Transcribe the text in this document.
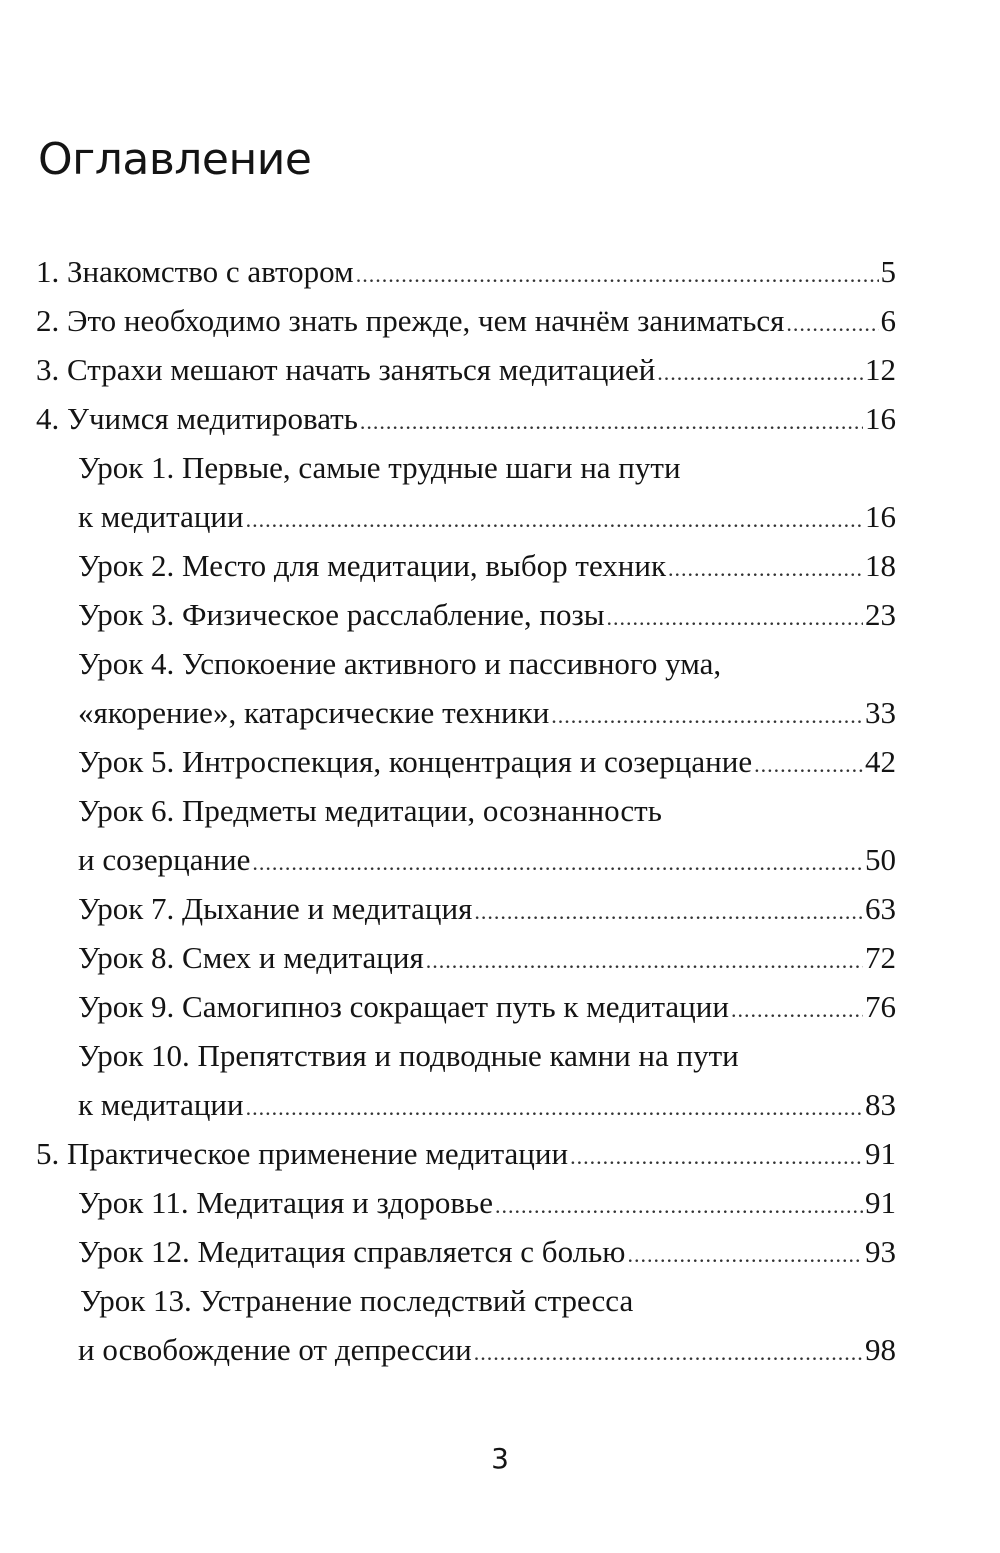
Оглавление
1. Знакомство с автором .....	5
2. Это необходимо знать прежде, чем начнём заниматься .....	6
3. Страхи мешают начать заняться медитацией .....	12
4. Учимся медитировать .....	16
Урок 1. Первые, самые трудные шаги на пути
к медитации .....	16
Урок 2. Место для медитации, выбор техник .....	18
Урок 3. Физическое расслабление, позы .....	23
Урок 4. Успокоение активного и пассивного ума,
«якорение», катарсические техники .....	33
Урок 5. Интроспекция, концентрация и созерцание .....	42
Урок 6. Предметы медитации, осознанность
и созерцание .....	50
Урок 7. Дыхание и медитация .....	63
Урок 8. Смех и медитация .....	72
Урок 9. Самогипноз сокращает путь к медитации .....	76
Урок 10. Препятствия и подводные камни на пути
к медитации .....	83
5. Практическое применение медитации .....	91
Урок 11. Медитация и здоровье .....	91
Урок 12. Медитация справляется с болью .....	93
Урок 13. Устранение последствий стресса
и освобождение от депрессии .....	98
3
